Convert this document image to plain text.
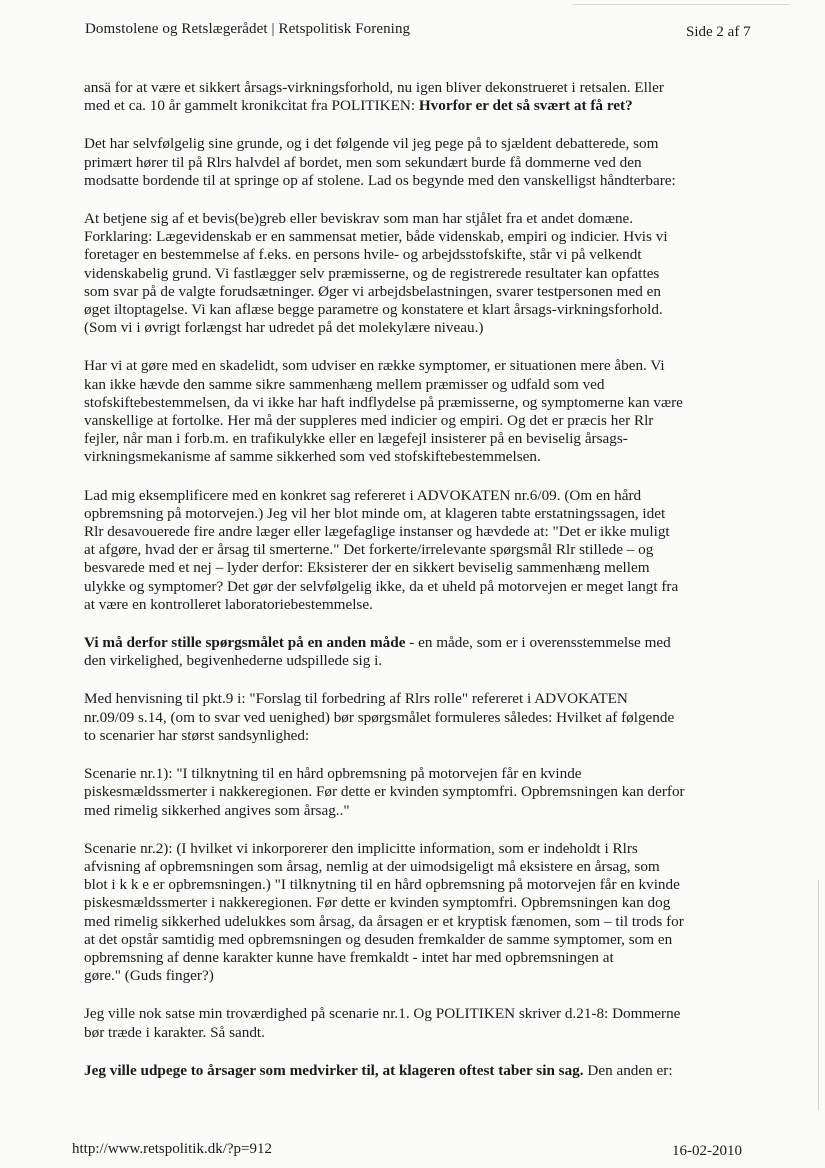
Domstolene og Retslægerådet | Retspolitisk Forening	Side 2 af 7

ansä for at være et sikkert årsags-virkningsforhold, nu igen bliver dekonstrueret i retsalen. Eller
med et ca. 10 år gammelt kronikcitat fra POLITIKEN: Hvorfor er det så svært at få ret?

Det har selvfølgelig sine grunde, og i det følgende vil jeg pege på to sjældent debatterede, som
primært hører til på Rlrs halvdel af bordet, men som sekundært burde få dommerne ved den
modsatte bordende til at springe op af stolene. Lad os begynde med den vanskelligst håndterbare:

At betjene sig af et bevis(be)greb eller beviskrav som man har stjålet fra et andet domæne.
Forklaring: Lægevidenskab er en sammensat metier, både videnskab, empiri og indicier. Hvis vi
foretager en bestemmelse af f.eks. en persons hvile- og arbejdsstofskifte, står vi på velkendt
videnskabelig grund. Vi fastlægger selv præmisserne, og de registrerede resultater kan opfattes
som svar på de valgte forudsætninger. Øger vi arbejdsbelastningen, svarer testpersonen med en
øget iltoptagelse. Vi kan aflæse begge parametre og konstatere et klart årsags-virkningsforhold.
(Som vi i øvrigt forlængst har udredet på det molekylære niveau.)

Har vi at gøre med en skadelidt, som udviser en række symptomer, er situationen mere åben. Vi
kan ikke hævde den samme sikre sammenhæng mellem præmisser og udfald som ved
stofskiftebestemmelsen, da vi ikke har haft indflydelse på præmisserne, og symptomerne kan være
vanskellige at fortolke. Her må der suppleres med indicier og empiri. Og det er præcis her Rlr
fejler, når man i forb.m. en trafikulykke eller en lægefejl insisterer på en beviselig årsags-
virkningsmekanisme af samme sikkerhed som ved stofskiftebestemmelsen.

Lad mig eksemplificere med en konkret sag refereret i ADVOKATEN nr.6/09. (Om en hård
opbremsning på motorvejen.) Jeg vil her blot minde om, at klageren tabte erstatningssagen, idet
Rlr desavouerede fire andre læger eller lægefaglige instanser og hævdede at: "Det er ikke muligt
at afgøre, hvad der er årsag til smerterne." Det forkerte/irrelevante spørgsmål Rlr stillede – og
besvarede med et nej – lyder derfor: Eksisterer der en sikkert beviselig sammenhæng mellem
ulykke og symptomer? Det gør der selvfølgelig ikke, da et uheld på motorvejen er meget langt fra
at være en kontrolleret laboratoriebestemmelse.

Vi må derfor stille spørgsmålet på en anden måde - en måde, som er i overensstemmelse med
den virkelighed, begivenhederne udspillede sig i.

Med henvisning til pkt.9 i: "Forslag til forbedring af Rlrs rolle" refereret i ADVOKATEN
nr.09/09 s.14, (om to svar ved uenighed) bør spørgsmålet formuleres således: Hvilket af følgende
to scenarier har størst sandsynlighed:

Scenarie nr.1): "I tilknytning til en hård opbremsning på motorvejen får en kvinde
piskesmældssmerter i nakkeregionen. Før dette er kvinden symptomfri. Opbremsningen kan derfor
med rimelig sikkerhed angives som årsag.."

Scenarie nr.2): (I hvilket vi inkorporerer den implicitte information, som er indeholdt i Rlrs
afvisning af opbremsningen som årsag, nemlig at der uimodsigeligt må eksistere en årsag, som
blot i k k e er opbremsningen.) "I tilknytning til en hård opbremsning på motorvejen får en kvinde
piskesmældssmerter i nakkeregionen. Før dette er kvinden symptomfri. Opbremsningen kan dog
med rimelig sikkerhed udelukkes som årsag, da årsagen er et kryptisk fænomen, som – til trods for
at det opstår samtidig med opbremsningen og desuden fremkalder de samme symptomer, som en
opbremsning af denne karakter kunne have fremkaldt - intet har med opbremsningen at
gøre." (Guds finger?)

Jeg ville nok satse min troværdighed på scenarie nr.1. Og POLITIKEN skriver d.21-8: Dommerne
bør træde i karakter. Så sandt.

Jeg ville udpege to årsager som medvirker til, at klageren oftest taber sin sag. Den anden er:

http://www.retspolitik.dk/?p=912	16-02-2010
